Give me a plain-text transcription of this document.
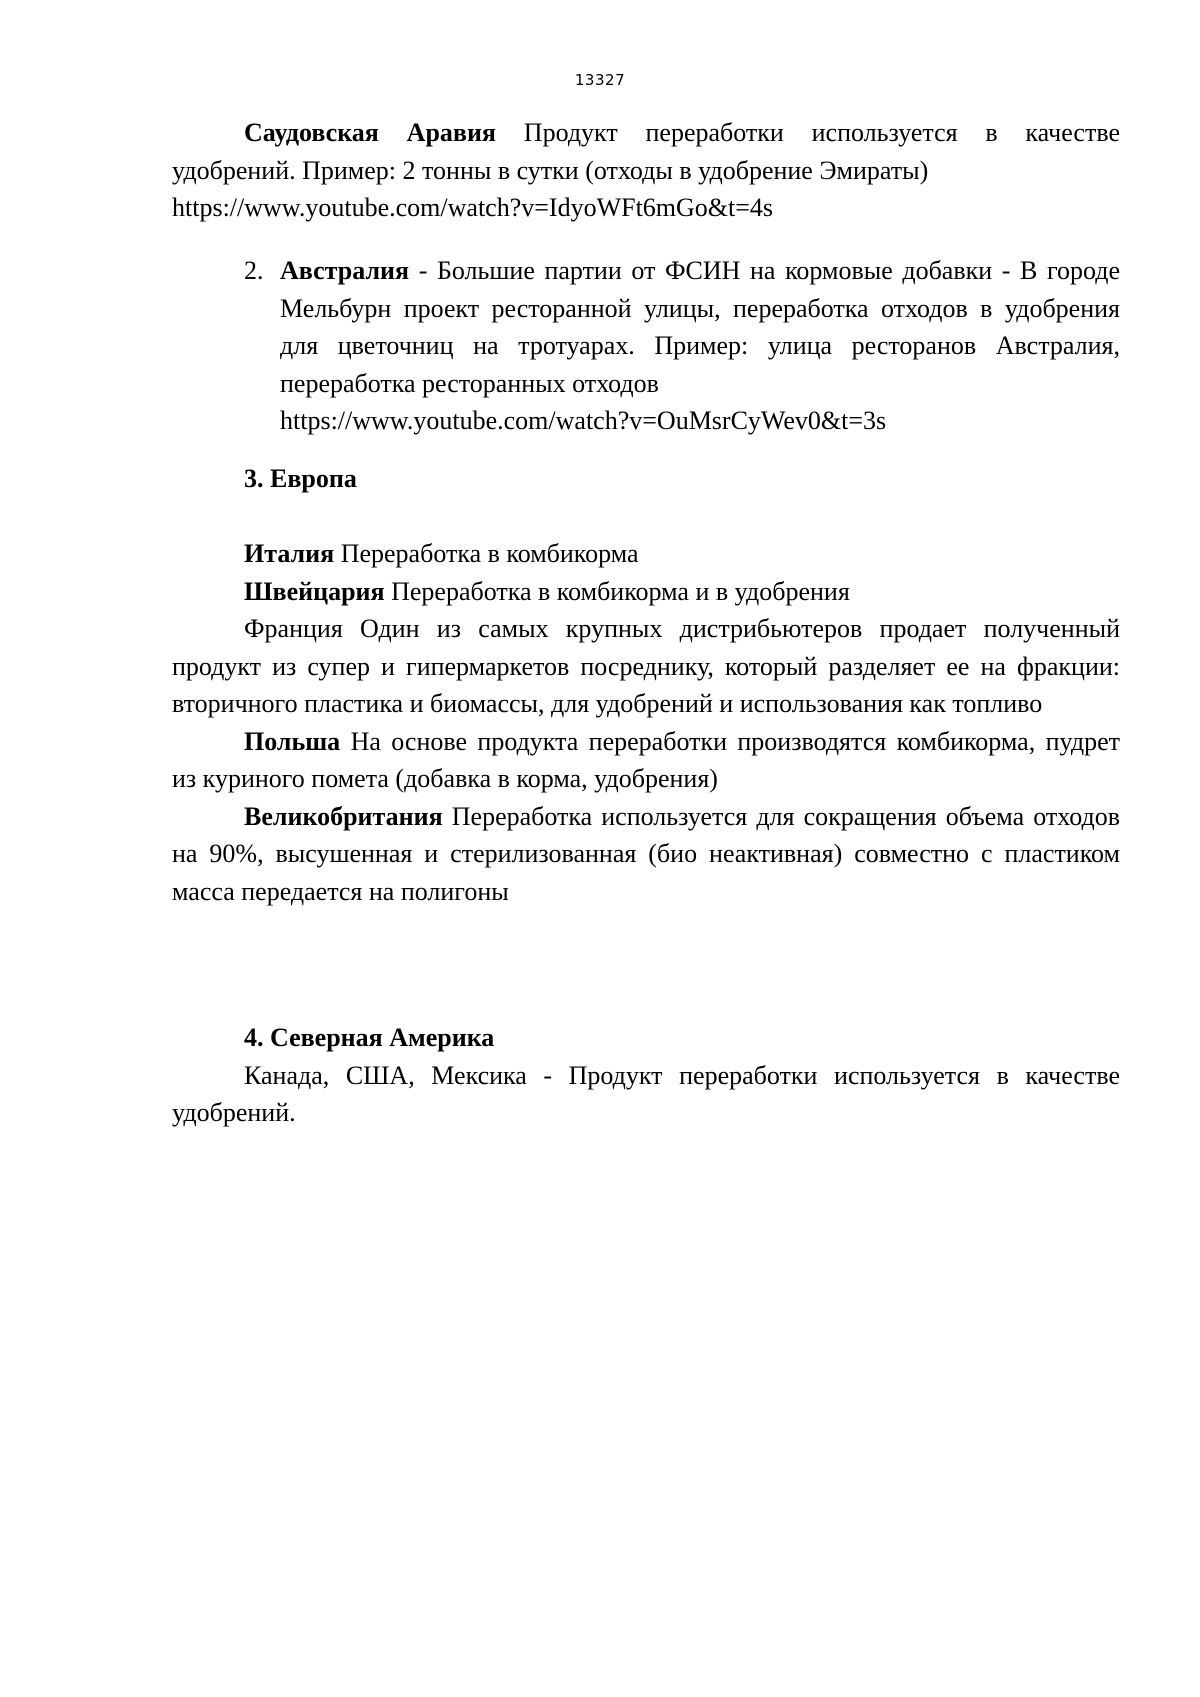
13327

Саудовская Аравия Продукт переработки используется в качестве удобрений. Пример: 2 тонны в сутки (отходы в удобрение Эмираты)

https://www.youtube.com/watch?v=IdyoWFt6mGo&t=4s

2. Австралия - Большие партии от ФСИН на кормовые добавки - В городе Мельбурн проект ресторанной улицы, переработка отходов в удобрения для цветочниц на тротуарах. Пример: улица ресторанов Австралия, переработка ресторанных отходов

https://www.youtube.com/watch?v=OuMsrCyWev0&t=3s

3. Европа

Италия Переработка в комбикорма

Швейцария Переработка в комбикорма и в удобрения

Франция Один из самых крупных дистрибьютеров продает полученный продукт из супер и гипермаркетов посреднику, который разделяет ее на фракции: вторичного пластика и биомассы, для удобрений и использования как топливо

Польша На основе продукта переработки производятся комбикорма, пудрет из куриного помета (добавка в корма, удобрения)

Великобритания Переработка используется для сокращения объема отходов на 90%, высушенная и стерилизованная (био неактивная) совместно с пластиком масса передается на полигоны

4. Северная Америка

Канада, США, Мексика - Продукт переработки используется в качестве удобрений.
